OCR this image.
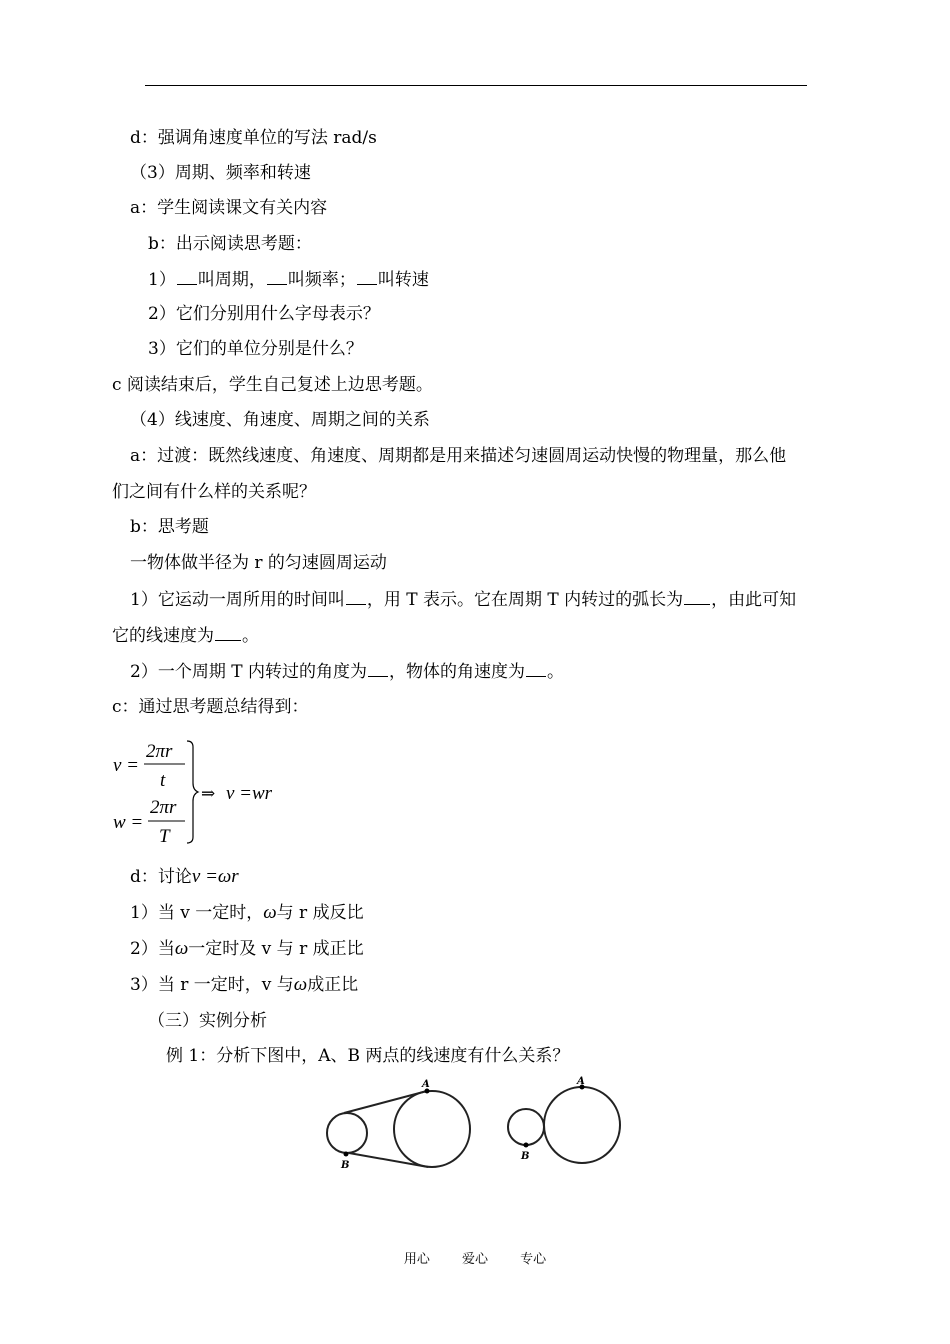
d：强调角速度单位的写法 rad/s
（3）周期、频率和转速
a：学生阅读课文有关内容
b：出示阅读思考题：
1） 叫周期， 叫频率； 叫转速
2）它们分别用什么字母表示？
3）它们的单位分别是什么？
c 阅读结束后，学生自己复述上边思考题。
（4）线速度、角速度、周期之间的关系
a：过渡：既然线速度、角速度、周期都是用来描述匀速圆周运动快慢的物理量，那么他
们之间有什么样的关系呢？
b：思考题
一物体做半径为 r 的匀速圆周运动
1）它运动一周所用的时间叫 ，用 T 表示。它在周期 T 内转过的弧长为 ，由此可知
它的线速度为 。
2）一个周期 T 内转过的角度为 ，物体的角速度为 。
c：通过思考题总结得到：
v =
2πr
t
w =
2πr
T
⇒ v =wr
d：讨论v =ωr
1）当 v 一定时，ω与 r 成反比
2）当ω一定时及 v 与 r 成正比
3）当 r 一定时，v 与ω成正比
（三）实例分析
例 1：分析下图中，A、B 两点的线速度有什么关系？
A
B
A
B
用心 爱心 专心
